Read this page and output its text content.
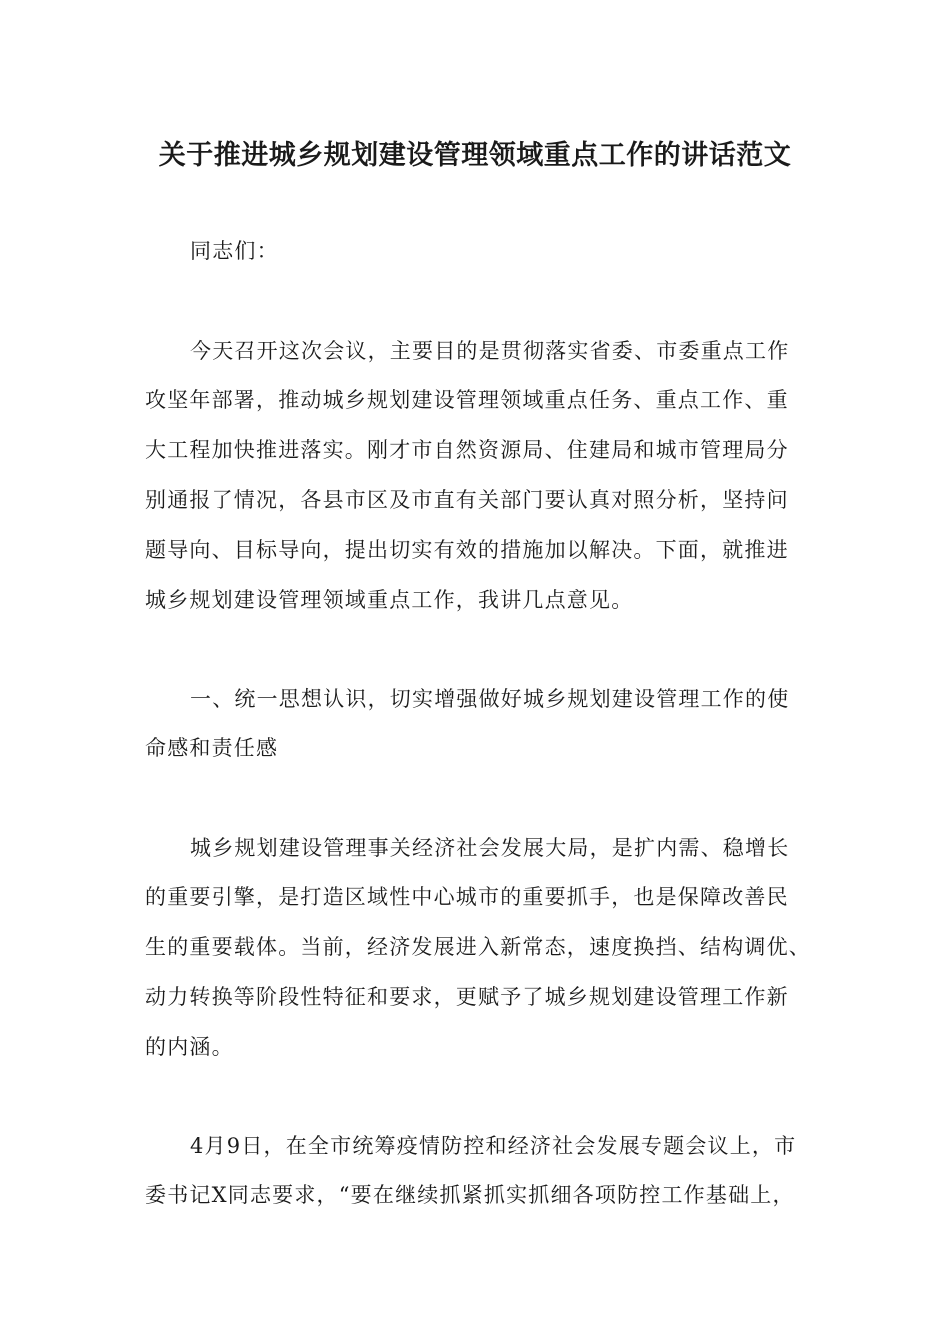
关于推进城乡规划建设管理领域重点工作的讲话范文
同志们：
今天召开这次会议，主要目的是贯彻落实省委、市委重点工作
攻坚年部署，推动城乡规划建设管理领域重点任务、重点工作、重
大工程加快推进落实。刚才市自然资源局、住建局和城市管理局分
别通报了情况，各县市区及市直有关部门要认真对照分析，坚持问
题导向、目标导向，提出切实有效的措施加以解决。下面，就推进
城乡规划建设管理领域重点工作，我讲几点意见。
一、统一思想认识，切实增强做好城乡规划建设管理工作的使
命感和责任感
城乡规划建设管理事关经济社会发展大局，是扩内需、稳增长
的重要引擎，是打造区域性中心城市的重要抓手，也是保障改善民
生的重要载体。当前，经济发展进入新常态，速度换挡、结构调优、
动力转换等阶段性特征和要求，更赋予了城乡规划建设管理工作新
的内涵。
4月9日，在全市统筹疫情防控和经济社会发展专题会议上，市
委书记X同志要求，“要在继续抓紧抓实抓细各项防控工作基础上，
